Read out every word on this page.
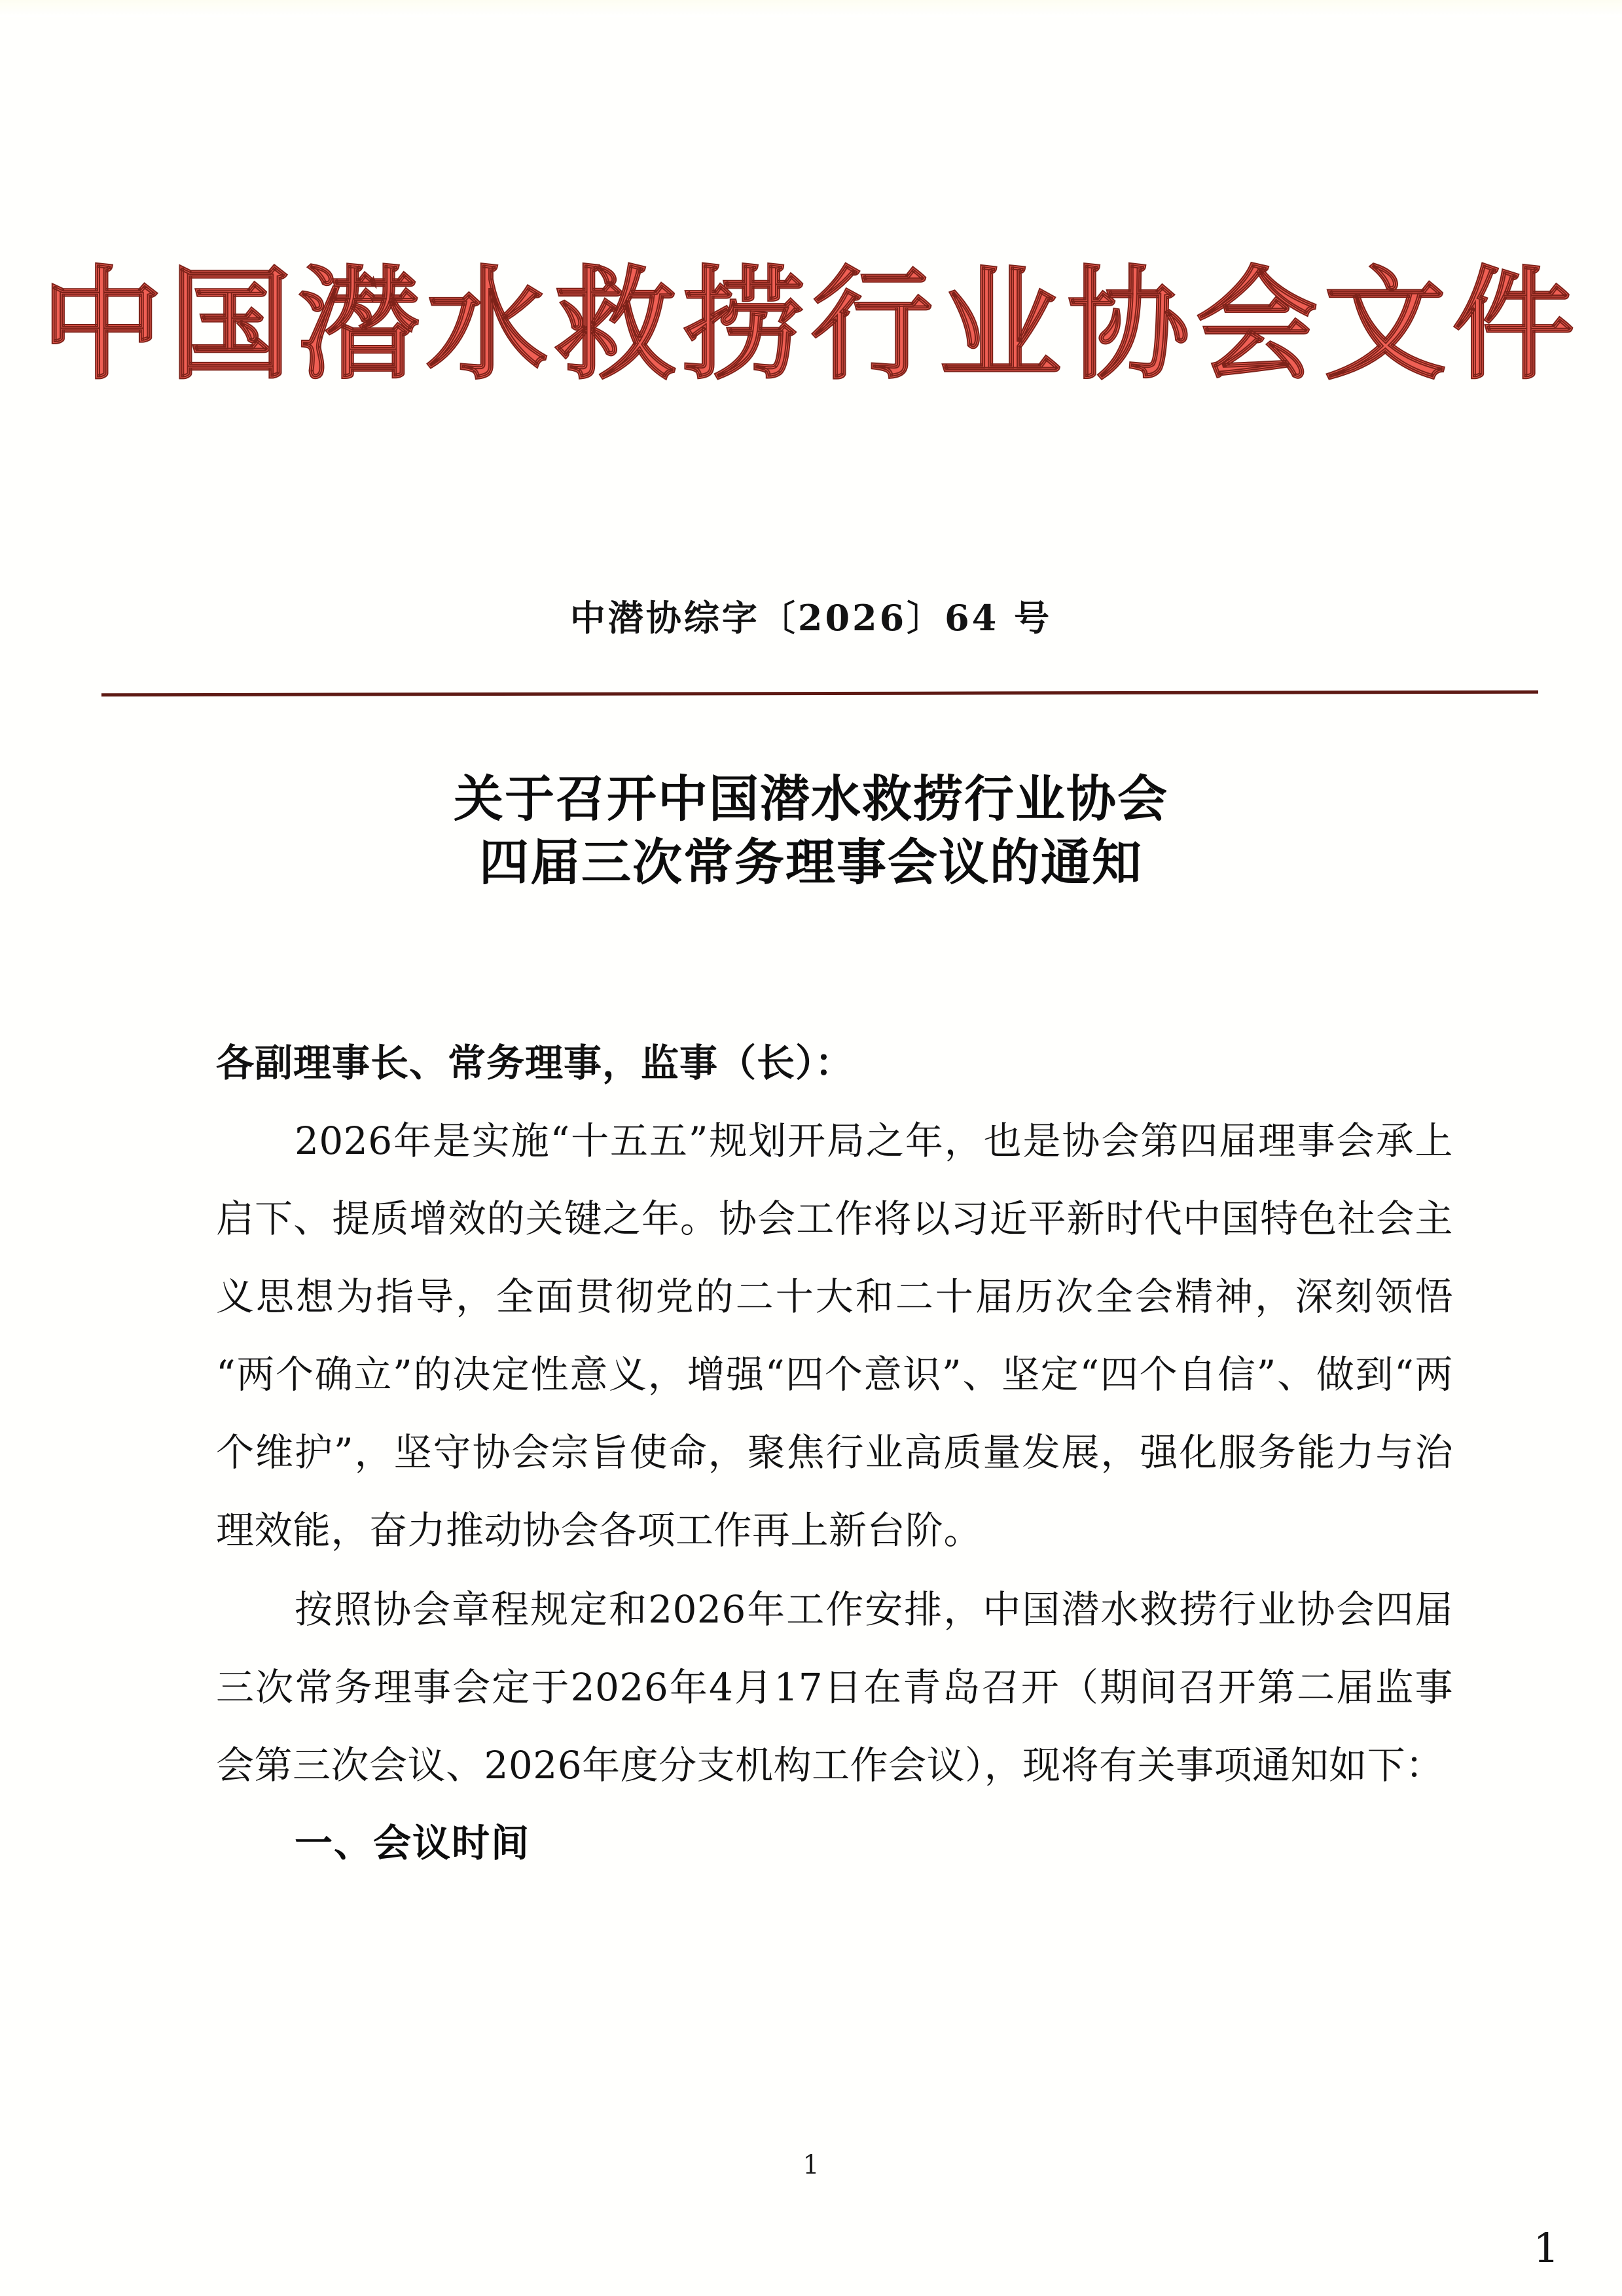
中国潜水救捞行业协会文件
中潜协综字〔2026〕64 号
关于召开中国潜水救捞行业协会
四届三次常务理事会议的通知

各副理事长、常务理事，监事（长）：

2026年是实施“十五五”规划开局之年，也是协会第四届理事会承上启下、提质增效的关键之年。协会工作将以习近平新时代中国特色社会主义思想为指导，全面贯彻党的二十大和二十届历次全会精神，深刻领悟“两个确立”的决定性意义，增强“四个意识”、坚定“四个自信”、做到“两个维护”，坚守协会宗旨使命，聚焦行业高质量发展，强化服务能力与治理效能，奋力推动协会各项工作再上新台阶。

按照协会章程规定和2026年工作安排，中国潜水救捞行业协会四届三次常务理事会定于2026年4月17日在青岛召开（期间召开第二届监事会第三次会议、2026年度分支机构工作会议），现将有关事项通知如下：

一、会议时间

1
1
